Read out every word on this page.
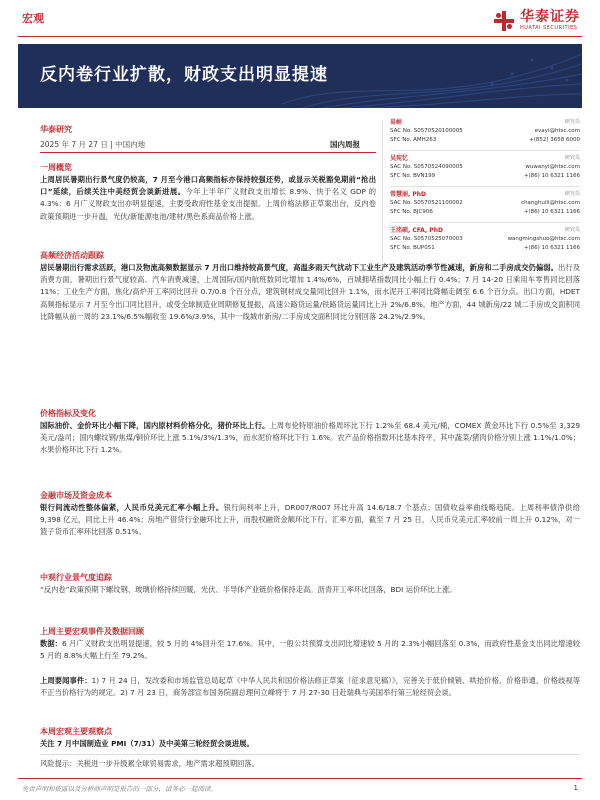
宏观	华泰证券
HUATAI SECURITIES
反内卷行业扩散，财政支出明显提速
华泰研究
2025 年 7 月 27 日 | 中国内地	国内周报
易峘	研究员
SAC No. S0570520100005	evayi@htsc.com
SFC No. AMH263	+(852) 3658 6000
吴宛忆	研究员
SAC No. S0570524090005	wuwanyi@htsc.com
SFC No. BVN199	+(86) 10 6321 1166
常慧丽, PhD	研究员
SAC No. S0570521100002	changhuili@htsc.com
SFC No. BJC906	+(86) 10 6321 1166
王洺硕, CFA, PhD	研究员
SAC No. S0570525070003	wangmingshuo@htsc.com
SFC No. BUP051	+(86) 10 6321 1166
一周概览
上周居民暑期出行景气度仍较高，7 月至今港口高频指标亦保持较强还势，或显示关税豁免期前“抢出口”延续，后续关注中美经贸会谈新进展。今年上半年广义财政支出增长 8.9%、快于名义 GDP 的 4.3%：6 月广义财政支出亦明显提速，主要受政府性基金支出提振。上周价格法修正草案出台，反内卷政策预期进一步升温，光伏/新能源电池/建材/黑色系商品价格上涨。
高频经济活动跟踪
居民暑期出行需求活跃，港口及物流高频数据显示 7 月出口维持较高景气度，高温多雨天气扰动下工业生产及建筑活动季节性减速，新房和二手房成交仍偏弱。出行及消费方面，暑期出行景气度较高、汽车消费减速，上周国际/国内航班数同比增加 1.4%/6%，百城拥堵指数同比小幅上行 0.4%；7 月 14-20 日乘用车零售同比回落 11%；工业生产方面，焦化/高炉开工率同比回升 0.7/0.8 个百分点，建筑钢材成交量同比回升 1.1%，而水泥开工率同比降幅走阔至 6.6 个百分点。出口方面，HDET 高频指标显示 7 月至今出口同比回升，或受全球制造业周期修复提振，高速公路货运量/铁路货运量同比上升 2%/6.8%。地产方面，44 城新房/22 城二手房成交面积同比降幅从前一周的 23.1%/6.5%幅收至 19.6%/3.9%，其中一线城市新房/二手房成交面积同比分别回落 24.2%/2.9%。
价格指标及变化
国际油价、金价环比小幅下降，国内原材料价格分化，猪价环比上行。上周布伦特原油价格周环比下行 1.2%至 68.4 美元/桶，COMEX 黄金环比下行 0.5%至 3,329 美元/盎司；国内螺纹钢/焦煤/铜价环比上涨 5.1%/3%/1.3%，而水泥价格环比下行 1.6%。农产品价格指数环比基本持平，其中蔬菜/猪肉价格分别上涨 1.1%/1.0%；水果价格环比下行 1.2%。
金融市场及资金成本
银行间流动性整体偏紧，人民币兑美元汇率小幅上升。银行间利率上升，DR007/R007 环比升高 14.6/18.7 个基点；国债收益率曲线略趋陡。上周利率债净供给 9,398 亿元，同比上升 46.4%；房地产借贷行金融环比上升，而股权融资金额环比下行。汇率方面，截至 7 月 25 日，人民币兑美元汇率较前一周上升 0.12%，对一篮子货币汇率环比回落 0.51%。
中观行业景气度追踪
“反内卷”政策预期下螺纹钢、玻璃价格持续回暖，光伏、半导体产业链价格保持走高。沥青开工率环比回落，BDI 运价环比上涨。
上周主要宏观事件及数据回顾
数据：6 月广义财政支出明显提速，较 5 月的 4%回升至 17.6%。其中，一般公共预算支出同比增速较 5 月的 2.3%小幅回落至 0.3%，而政府性基金支出同比增速较 5 月的 8.8%大幅上行至 79.2%。
上周要闻事件：1) 7 月 24 日，发改委和市场监管总局起草《中华人民共和国价格法修正草案（征求意见稿）》，完善关于低价倾销、哄抬价格、价格串通、价格歧视等不正当价格行为的规定。2) 7 月 23 日，商务部宣布国务院副总理何立峰将于 7 月 27-30 日赴瑞典与美国举行第三轮经贸会谈。
本周宏观主要观察点
关注 7 月中国制造业 PMI（7/31）及中美第三轮经贸会谈进展。
风险提示：关税进一步升级累全球贸易需求，地产需求超预期回落。
免责声明和披露以及分析师声明是报告的一部分，请务必一起阅读。	1
